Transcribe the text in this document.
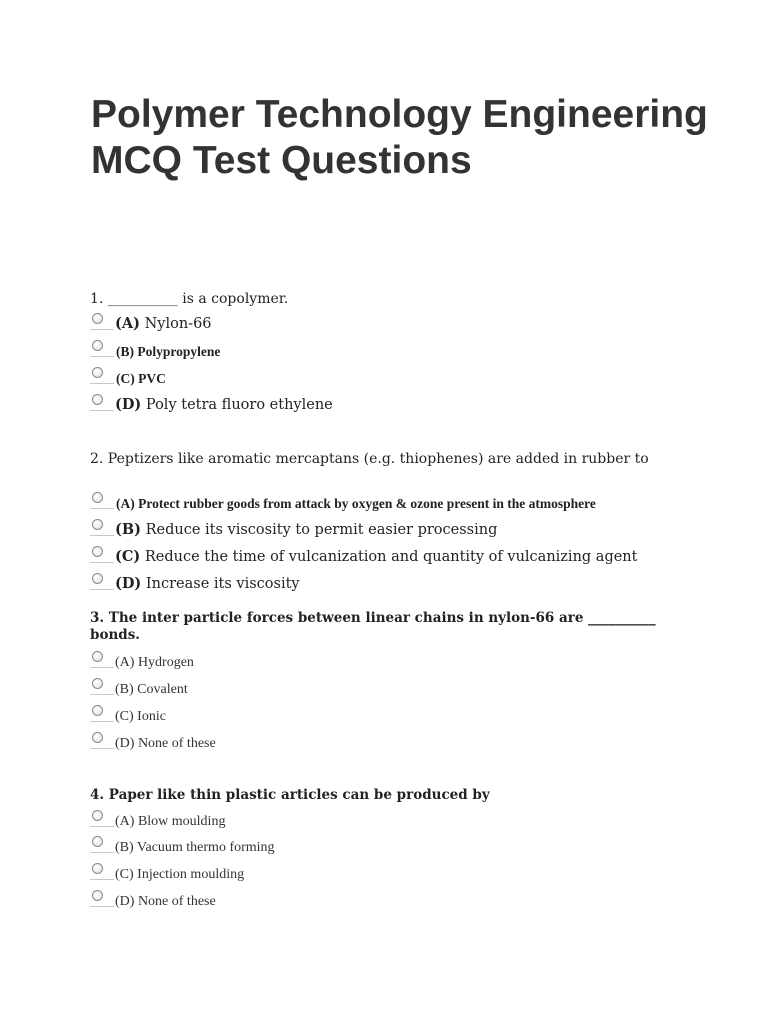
Polymer Technology Engineering MCQ Test Questions

1. __________ is a copolymer.

(A) Nylon-66
(B) Polypropylene
(C) PVC
(D) Poly tetra fluoro ethylene

2. Peptizers like aromatic mercaptans (e.g. thiophenes) are added in rubber to

(A) Protect rubber goods from attack by oxygen & ozone present in the atmosphere
(B) Reduce its viscosity to permit easier processing
(C) Reduce the time of vulcanization and quantity of vulcanizing agent
(D) Increase its viscosity

3. The inter particle forces between linear chains in nylon-66 are __________ bonds.

(A) Hydrogen
(B) Covalent
(C) Ionic
(D) None of these

4. Paper like thin plastic articles can be produced by

(A) Blow moulding
(B) Vacuum thermo forming
(C) Injection moulding
(D) None of these
